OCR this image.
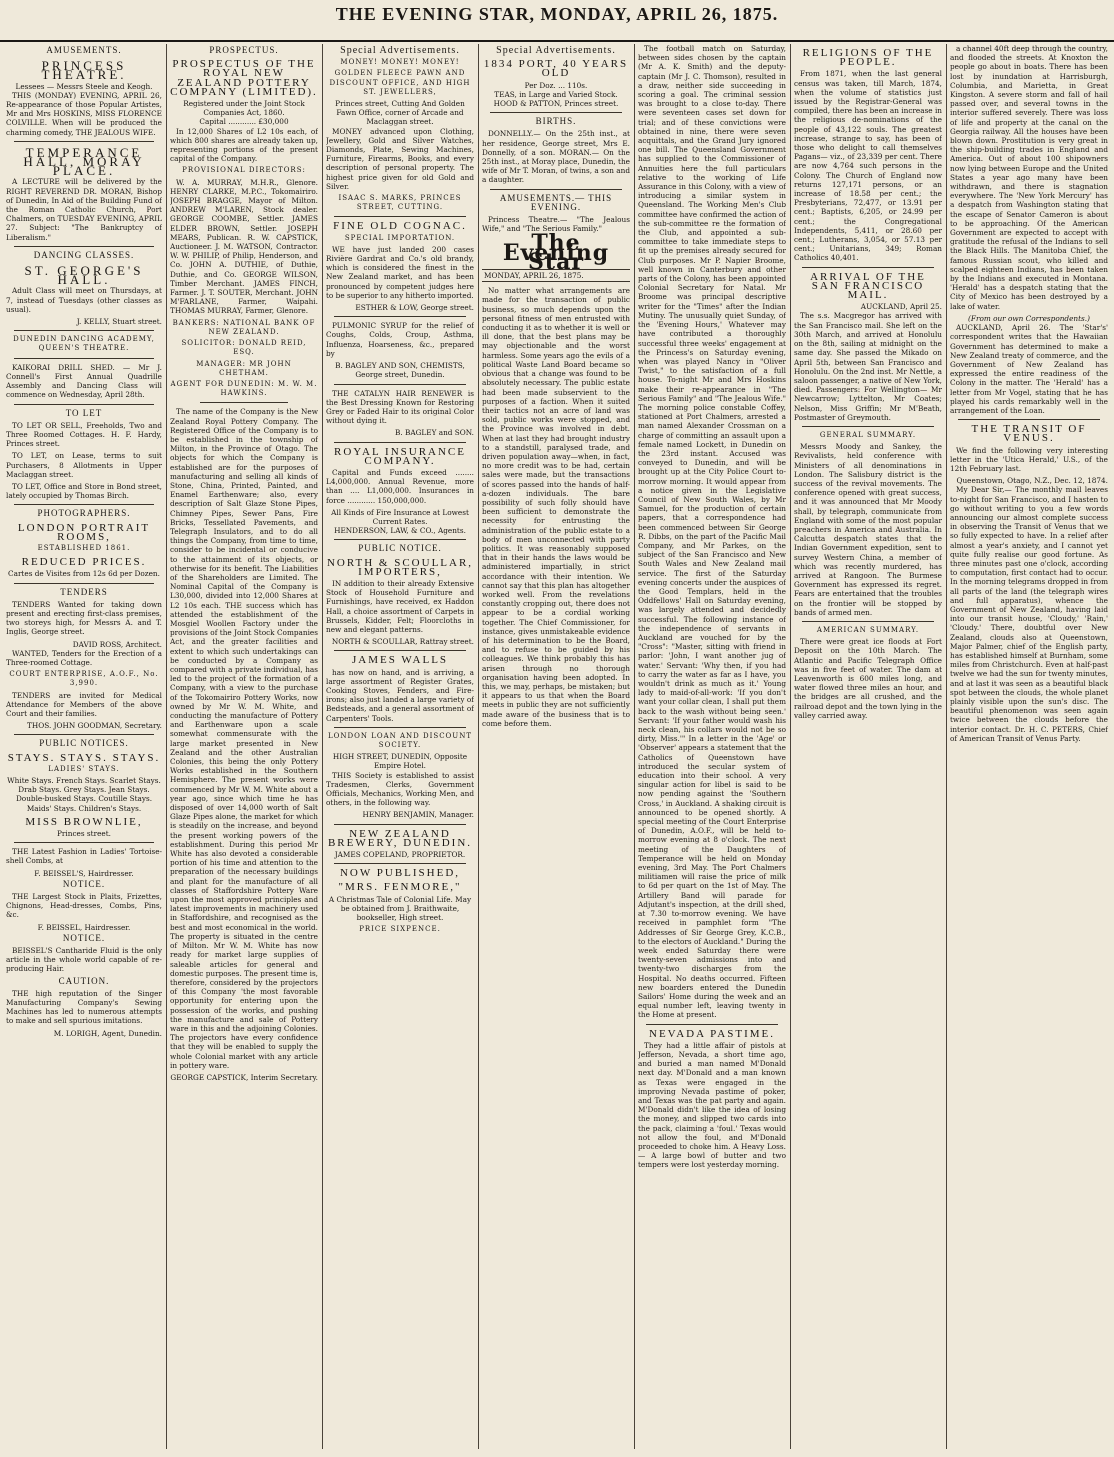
THE EVENING STAR, MONDAY, APRIL 26, 1875.
AMUSEMENTS.
PRINCESS THEATRE.
Lessees — Messrs Steele and Keogh.

THIS (MONDAY) EVENING, APRIL 26, Re-appearance of those Popular Artistes, Mr and Mrs HOSKINS, MISS FLORENCE COLVILLE. When will be produced the charming comedy, THE JEALOUS WIFE.

TEMPERANCE HALL, MORAY PLACE.

A LECTURE will be delivered by the RIGHT REVEREND DR. MORAN, Bishop of Dunedin, In Aid of the Building Fund of the Roman Catholic Church, Port Chalmers, on TUESDAY EVENING, APRIL 27. Subject: "The Bankruptcy of Liberalism."

DANCING CLASSES.
ST. GEORGE'S HALL.

Adult Class will meet on Thursdays, at 7, instead of Tuesdays (other classes as usual).

J. KELLY, Stuart street.
DUNEDIN DANCING ACADEMY, QUEEN'S THEATRE.

KAIKORAI DRILL SHED. — Mr J. Connell's First Annual Quadrille Assembly and Dancing Class will commence on Wednesday, April 28th.

TO LET

TO LET OR SELL, Freeholds, Two and Three Roomed Cottages. H. F. Hardy, Princes street.

TO LET, on Lease, terms to suit Purchasers, 8 Allotments in Upper Maclaggan street.

TO LET, Office and Store in Bond street, lately occupied by Thomas Birch.

PHOTOGRAPHERS.
LONDON PORTRAIT ROOMS,
ESTABLISHED 1861.
REDUCED PRICES.
Cartes de Visites from 12s 6d per Dozen.
TENDERS

TENDERS Wanted for taking down present and erecting first-class premises, two storeys high, for Messrs A. and T. Inglis, George street.

DAVID ROSS, Architect.

WANTED, Tenders for the Erection of a Three-roomed Cottage.

COURT ENTERPRISE, A.O.F., No. 3,990.

TENDERS are invited for Medical Attendance for Members of the above Court and their families.

THOS. JOHN GOODMAN, Secretary.
PUBLIC NOTICES.
STAYS. STAYS. STAYS.
LADIES' STAYS.

White Stays. French Stays. Scarlet Stays. Drab Stays. Grey Stays. Jean Stays. Double-busked Stays. Coutille Stays. Maids' Stays. Children's Stays.

MISS BROWNLIE,
Princes street.

THE Latest Fashion in Ladies' Tortoise-shell Combs, at

F. BEISSEL'S, Hairdresser.
NOTICE.

THE Largest Stock in Plaits, Frizettes, Chignons, Head-dresses, Combs, Pins, &c.

F. BEISSEL, Hairdresser.
NOTICE.

BEISSEL'S Cantharide Fluid is the only article in the whole world capable of re-producing Hair.

CAUTION.

THE high reputation of the Singer Manufacturing Company's Sewing Machines has led to numerous attempts to make and sell spurious imitations.

M. LORIGH, Agent, Dunedin.
PROSPECTUS.
PROSPECTUS OF THE ROYAL NEW ZEALAND POTTERY COMPANY (LIMITED).
Registered under the Joint Stock Companies Act, 1860.
Capital ............ £30,000

In 12,000 Shares of L2 10s each, of which 800 shares are already taken up, representing portions of the present capital of the Company.

PROVISIONAL DIRECTORS:

W. A. MURRAY, M.H.R., Glenore. HENRY CLARKE, M.P.C., Tokomairiro. JOSEPH BRAGGE, Mayor of Milton. ANDREW M'LAREN, Stock dealer. GEORGE COOMBE, Settler. JAMES ELDER BROWN, Settler. JOSEPH MEARS, Publican. R. W. CAPSTICK, Auctioneer. J. M. WATSON, Contractor. W. W. PHILIP, of Philip, Henderson, and Co. JOHN A. DUTHIE, of Duthie, Duthie, and Co. GEORGE WILSON, Timber Merchant. JAMES FINCH, Farmer. J. T. SOUTER, Merchant. JOHN M'FARLANE, Farmer, Waipahi. THOMAS MURRAY, Farmer, Glenore.

BANKERS: NATIONAL BANK OF NEW ZEALAND.
SOLICITOR: DONALD REID, ESQ.
MANAGER: MR JOHN CHETHAM.
AGENT FOR DUNEDIN: M. W. M. HAWKINS.

The name of the Company is the New Zealand Royal Pottery Company. The Registered Office of the Company is to be established in the township of Milton, in the Province of Otago. The objects for which the Company is established are for the purposes of manufacturing and selling all kinds of Stone, China, Printed, Painted, and Enamel Earthenware; also, every description of Salt Glaze Stone Pipes, Chimney Pipes, Sewer Pans, Fire Bricks, Tessellated Pavements, and Telegraph Insulators, and to do all things the Company, from time to time, consider to be incidental or conducive to the attainment of its objects, or otherwise for its benefit. The Liabilities of the Shareholders are Limited. The Nominal Capital of the Company is L30,000, divided into 12,000 Shares at L2 10s each. THE success which has attended the establishment of the Mosgiel Woollen Factory under the provisions of the Joint Stock Companies Act, and the greater facilities and extent to which such undertakings can be conducted by a Company as compared with a private individual, has led to the project of the formation of a Company, with a view to the purchase of the Tokomairiro Pottery Works, now owned by Mr W. M. White, and conducting the manufacture of Pottery and Earthenware upon a scale somewhat commensurate with the large market presented in New Zealand and the other Australian Colonies, this being the only Pottery Works established in the Southern Hemisphere. The present works were commenced by Mr W. M. White about a year ago, since which time he has disposed of over 14,000 worth of Salt Glaze Pipes alone, the market for which is steadily on the increase, and beyond the present working powers of the establishment. During this period Mr White has also devoted a considerable portion of his time and attention to the preparation of the necessary buildings and plant for the manufacture of all classes of Staffordshire Pottery Ware upon the most approved principles and latest improvements in machinery used in Staffordshire, and recognised as the best and most economical in the world. The property is situated in the centre of Milton. Mr W. M. White has now ready for market large supplies of saleable articles for general and domestic purposes. The present time is, therefore, considered by the projectors of this Company 'the most favorable opportunity for entering upon the possession of the works, and pushing the manufacture and sale of Pottery ware in this and the adjoining Colonies. The projectors have every confidence that they will be enabled to supply the whole Colonial market with any article in pottery ware.

GEORGE CAPSTICK, Interim Secretary.
Special Advertisements.
MONEY! MONEY! MONEY!
GOLDEN FLEECE PAWN AND DISCOUNT OFFICE, AND HIGH ST. JEWELLERS,
Princes street, Cutting And Golden Fawn Office, corner of Arcade and Maclaggan street.

MONEY advanced upon Clothing, Jewellery, Gold and Silver Watches, Diamonds, Plate, Sewing Machines, Furniture, Firearms, Books, and every description of personal property. The highest price given for old Gold and Silver.

ISAAC S. MARKS, PRINCES STREET, CUTTING.
FINE OLD COGNAC.
SPECIAL IMPORTATION.

WE have just landed 200 cases Rivière Gardrat and Co.'s old brandy, which is considered the finest in the New Zealand market, and has been pronounced by competent judges here to be superior to any hitherto imported.

ESTHER & LOW, George street.

PULMONIC SYRUP for the relief of Coughs, Colds, Croup, Asthma, Influenza, Hoarseness, &c., prepared by

B. BAGLEY AND SON, CHEMISTS, George street, Dunedin.

THE CATALYN HAIR RENEWER is the Best Dressing Known for Restoring Grey or Faded Hair to its original Color without dying it.

B. BAGLEY and SON.
ROYAL INSURANCE COMPANY.

Capital and Funds exceed ........ L4,000,000. Annual Revenue, more than .... L1,000,000. Insurances in force ............ 150,000,000.

All Kinds of Fire Insurance at Lowest Current Rates.
HENDERSON, LAW, & CO., Agents.
PUBLIC NOTICE.
NORTH & SCOULLAR, IMPORTERS,

IN addition to their already Extensive Stock of Household Furniture and Furnishings, have received, ex Haddon Hall, a choice assortment of Carpets in Brussels, Kidder, Felt; Floorcloths in new and elegant patterns.

NORTH & SCOULLAR, Rattray street.
JAMES WALLS

has now on hand, and is arriving, a large assortment of Register Grates, Cooking Stoves, Fenders, and Fire-irons; also just landed a large variety of Bedsteads, and a general assortment of Carpenters' Tools.

LONDON LOAN AND DISCOUNT SOCIETY.
HIGH STREET, DUNEDIN, Opposite Empire Hotel.

THIS Society is established to assist Tradesmen, Clerks, Government Officials, Mechanics, Working Men, and others, in the following way.

HENRY BENJAMIN, Manager.
NEW ZEALAND BREWERY, DUNEDIN.
JAMES COPELAND, PROPRIETOR.
NOW PUBLISHED,
"MRS. FENMORE,"

A Christmas Tale of Colonial Life. May be obtained from J. Braithwaite, bookseller, High street.

PRICE SIXPENCE.
Special Advertisements.
1834 PORT, 40 YEARS OLD
Per Doz. ... 110s.
TEAS, in Large and Varied Stock.
HOOD & PATTON, Princes street.
BIRTHS.

DONNELLY.— On the 25th inst., at her residence, George street, Mrs E. Donnelly, of a son. MORAN.— On the 25th inst., at Moray place, Dunedin, the wife of Mr T. Moran, of twins, a son and a daughter.

AMUSEMENTS.— THIS EVENING.

Princess Theatre.— "The Jealous Wife," and "The Serious Family."

The Evening Star
MONDAY, APRIL 26, 1875.

No matter what arrangements are made for the transaction of public business, so much depends upon the personal fitness of men entrusted with conducting it as to whether it is well or ill done, that the best plans may be may objectionable and the worst harmless. Some years ago the evils of a political Waste Land Board became so obvious that a change was found to be absolutely necessary. The public estate had been made subservient to the purposes of a faction. When it suited their tactics not an acre of land was sold, public works were stopped, and the Province was involved in debt. When at last they had brought industry to a standstill, paralysed trade, and driven population away—when, in fact, no more credit was to be had, certain sales were made, but the transactions of scores passed into the hands of half-a-dozen individuals. The bare possibility of such folly should have been sufficient to demonstrate the necessity for entrusting the administration of the public estate to a body of men unconnected with party politics. It was reasonably supposed that in their hands the laws would be administered impartially, in strict accordance with their intention. We cannot say that this plan has altogether worked well. From the revelations constantly cropping out, there does not appear to be a cordial working together. The Chief Commissioner, for instance, gives unmistakeable evidence of his determination to be the Board, and to refuse to be guided by his colleagues. We think probably this has arisen through no thorough organisation having been adopted. In this, we may, perhaps, be mistaken; but it appears to us that when the Board meets in public they are not sufficiently made aware of the business that is to come before them.

The football match on Saturday, between sides chosen by the captain (Mr A. K. Smith) and the deputy-captain (Mr J. C. Thomson), resulted in a draw, neither side succeeding in scoring a goal. The criminal session was brought to a close to-day. There were seventeen cases set down for trial; and of these convictions were obtained in nine, there were seven acquittals, and the Grand Jury ignored one bill. The Queensland Government has supplied to the Commissioner of Annuities here the full particulars relative to the working of Life Assurance in this Colony, with a view of introducing a similar system in Queensland. The Working Men's Club committee have confirmed the action of the sub-committee re the formation of the Club, and appointed a sub-committee to take immediate steps to fit up the premises already secured for Club purposes. Mr P. Napier Broome, well known in Canterbury and other parts of the Colony, has been appointed Colonial Secretary for Natal. Mr Broome was principal descriptive writer for the "Times" after the Indian Mutiny. The unusually quiet Sunday, of the 'Evening Hours,' Whatever may have contributed a thoroughly successful three weeks' engagement at the Princess's on Saturday evening, when was played Nancy in "Oliver Twist," to the satisfaction of a full house. To-night Mr and Mrs Hoskins make their re-appearance in "The Serious Family" and "The Jealous Wife." The morning police constable Coffey, stationed at Port Chalmers, arrested a man named Alexander Crossman on a charge of committing an assault upon a female named Lockett, in Dunedin on the 23rd instant. Accused was conveyed to Dunedin, and will be brought up at the City Police Court to-morrow morning. It would appear from a notice given in the Legislative Council of New South Wales, by Mr Samuel, for the production of certain papers, that a correspondence had been commenced between Sir George R. Dibbs, on the part of the Pacific Mail Company, and Mr Parkes, on the subject of the San Francisco and New South Wales and New Zealand mail service. The first of the Saturday evening concerts under the auspices of the Good Templars, held in the Oddfellows' Hall on Saturday evening, was largely attended and decidedly successful. The following instance of the independence of servants in Auckland are vouched for by the "Cross": "Master, sitting with friend in parlor: 'John, I want another jug of water.' Servant: 'Why then, if you had to carry the water as far as I have, you wouldn't drink as much as it.' Young lady to maid-of-all-work: 'If you don't want your collar clean, I shall put them back to the wash without being seen.' Servant: 'If your father would wash his neck clean, his collars would not be so dirty, Miss.'" In a letter in the 'Age' or 'Observer' appears a statement that the Catholics of Queenstown have introduced the secular system of education into their school. A very singular action for libel is said to be now pending against the 'Southern Cross,' in Auckland. A shaking circuit is announced to be opened shortly. A special meeting of the Court Enterprise of Dunedin, A.O.F., will be held to-morrow evening at 8 o'clock. The next meeting of the Daughters of Temperance will be held on Monday evening, 3rd May. The Port Chalmers militiamen will raise the price of milk to 6d per quart on the 1st of May. The Artillery Band will parade for Adjutant's inspection, at the drill shed, at 7.30 to-morrow evening. We have received in pamphlet form "The Addresses of Sir George Grey, K.C.B., to the electors of Auckland." During the week ended Saturday there were twenty-seven admissions into and twenty-two discharges from the Hospital. No deaths occurred. Fifteen new boarders entered the Dunedin Sailors' Home during the week and an equal number left, leaving twenty in the Home at present.

NEVADA PASTIME.

They had a little affair of pistols at Jefferson, Nevada, a short time ago, and buried a man named M'Donald next day. M'Donald and a man known as Texas were engaged in the improving Nevada pastime of poker, and Texas was the pat party and again. M'Donald didn't like the idea of losing the money, and slipped two cards into the pack, claiming a 'foul.' Texas would not allow the foul, and M'Donald proceeded to choke him. A Heavy Loss.— A large bowl of butter and two tempers were lost yesterday morning.

RELIGIONS OF THE PEOPLE.

From 1871, when the last general census was taken, till March, 1874, when the volume of statistics just issued by the Registrar-General was compiled, there has been an increase in the religious de-nominations of the people of 43,122 souls. The greatest increase, strange to say, has been of those who delight to call themselves Pagans— viz., of 23,339 per cent. There are now 4,764 such persons in the Colony. The Church of England now returns 127,171 persons, or an increase of 18.58 per cent.; the Presbyterians, 72,477, or 13.91 per cent.; Baptists, 6,205, or 24.99 per cent.; the Congregational Independents, 5,411, or 28.60 per cent.; Lutherans, 3,054, or 57.13 per cent.; Unitarians, 349; Roman Catholics 40,401.

ARRIVAL OF THE SAN FRANCISCO MAIL.
AUCKLAND, April 25.

The s.s. Macgregor has arrived with the San Francisco mail. She left on the 30th March, and arrived at Honolulu on the 8th, sailing at midnight on the same day. She passed the Mikado on April 5th, between San Francisco and Honolulu. On the 2nd inst. Mr Nettle, a saloon passenger, a native of New York, died. Passengers: For Wellington— Mr Newcarrow; Lyttelton, Mr Coates; Nelson, Miss Griffin; Mr M'Beath, Postmaster of Greymouth.

GENERAL SUMMARY.

Messrs Moody and Sankey, the Revivalists, held conference with Ministers of all denominations in London. The Salisbury district is the success of the revival movements. The conference opened with great success, and it was announced that Mr Moody shall, by telegraph, communicate from England with some of the most popular preachers in America and Australia. In Calcutta despatch states that the Indian Government expedition, sent to survey Western China, a member of which was recently murdered, has arrived at Rangoon. The Burmese Government has expressed its regret. Fears are entertained that the troubles on the frontier will be stopped by bands of armed men.

AMERICAN SUMMARY.

There were great ice floods at Fort Deposit on the 10th March. The Atlantic and Pacific Telegraph Office was in five feet of water. The dam at Leavenworth is 600 miles long, and water flowed three miles an hour, and the bridges are all crushed, and the railroad depot and the town lying in the valley carried away.

a channel 40ft deep through the country, and flooded the streets. At Knoxton the people go about in boats. There has been lost by inundation at Harrisburgh, Columbia, and Marietta, in Great Kingston. A severe storm and fall of hail passed over, and several towns in the interior suffered severely. There was loss of life and property at the canal on the Georgia railway. All the houses have been blown down. Prostitution is very great in the ship-building trades in England and America. Out of about 100 shipowners now lying between Europe and the United States a year ago many have been withdrawn, and there is stagnation everywhere. The 'New York Mercury' has a despatch from Washington stating that the escape of Senator Cameron is about to be approaching. Of the American Government are expected to accept with gratitude the refusal of the Indians to sell the Black Hills. The Manitoba Chief, the famous Russian scout, who killed and scalped eighteen Indians, has been taken by the Indians and executed in Montana. 'Herald' has a despatch stating that the City of Mexico has been destroyed by a lake of water.

(From our own Correspondents.)

AUCKLAND, April 26. The 'Star's' correspondent writes that the Hawaiian Government has determined to make a New Zealand treaty of commerce, and the Government of New Zealand has expressed the entire readiness of the Colony in the matter. The 'Herald' has a letter from Mr Vogel, stating that he has played his cards remarkably well in the arrangement of the Loan.

THE TRANSIT OF VENUS.

We find the following very interesting letter in the 'Utica Herald,' U.S., of the 12th February last.

Queenstown, Otago, N.Z., Dec. 12, 1874.

My Dear Sir,— The monthly mail leaves to-night for San Francisco, and I hasten to go without writing to you a few words announcing our almost complete success in observing the Transit of Venus that we so fully expected to have. In a relief after almost a year's anxiety, and I cannot yet quite fully realise our good fortune. As three minutes past one o'clock, according to computation, first contact had to occur. In the morning telegrams dropped in from all parts of the land (the telegraph wires and full apparatus), whence the Government of New Zealand, having laid into our transit house, 'Cloudy,' 'Rain,' 'Cloudy.' There, doubtful over New Zealand, clouds also at Queenstown, Major Palmer, chief of the English party, has established himself at Burnham, some miles from Christchurch. Even at half-past twelve we had the sun for twenty minutes, and at last it was seen as a beautiful black spot between the clouds, the whole planet plainly visible upon the sun's disc. The beautiful phenomenon was seen again twice between the clouds before the interior contact. Dr. H. C. PETERS, Chief of American Transit of Venus Party.
